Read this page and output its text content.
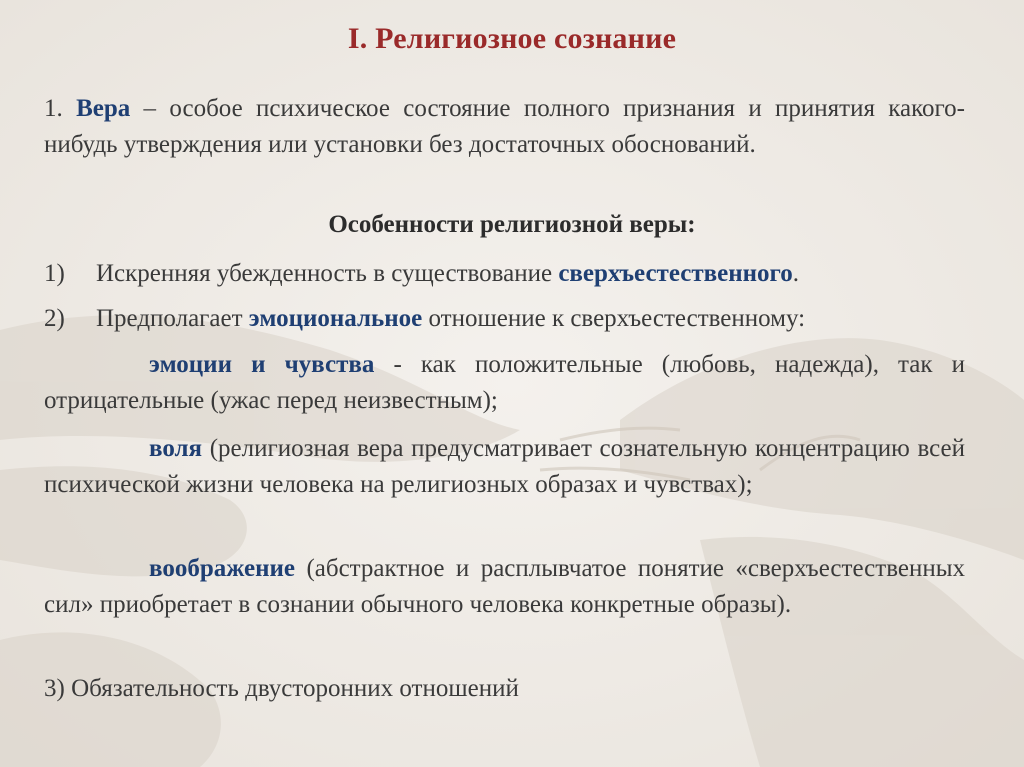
I. Религиозное сознание
1. Вера – особое психическое состояние полного признания и принятия какого-нибудь утверждения или установки без достаточных обоснований.
Особенности религиозной веры:
1) Искренняя убежденность в существование сверхъестественного.
2) Предполагает эмоциональное отношение к сверхъестественному:
эмоции и чувства - как положительные (любовь, надежда), так и отрицательные (ужас перед неизвестным);
воля (религиозная вера предусматривает сознательную концентрацию всей психической жизни человека на религиозных образах и чувствах);
воображение (абстрактное и расплывчатое понятие «сверхъестественных сил» приобретает в сознании обычного человека конкретные образы).
3) Обязательность двусторонних отношений
